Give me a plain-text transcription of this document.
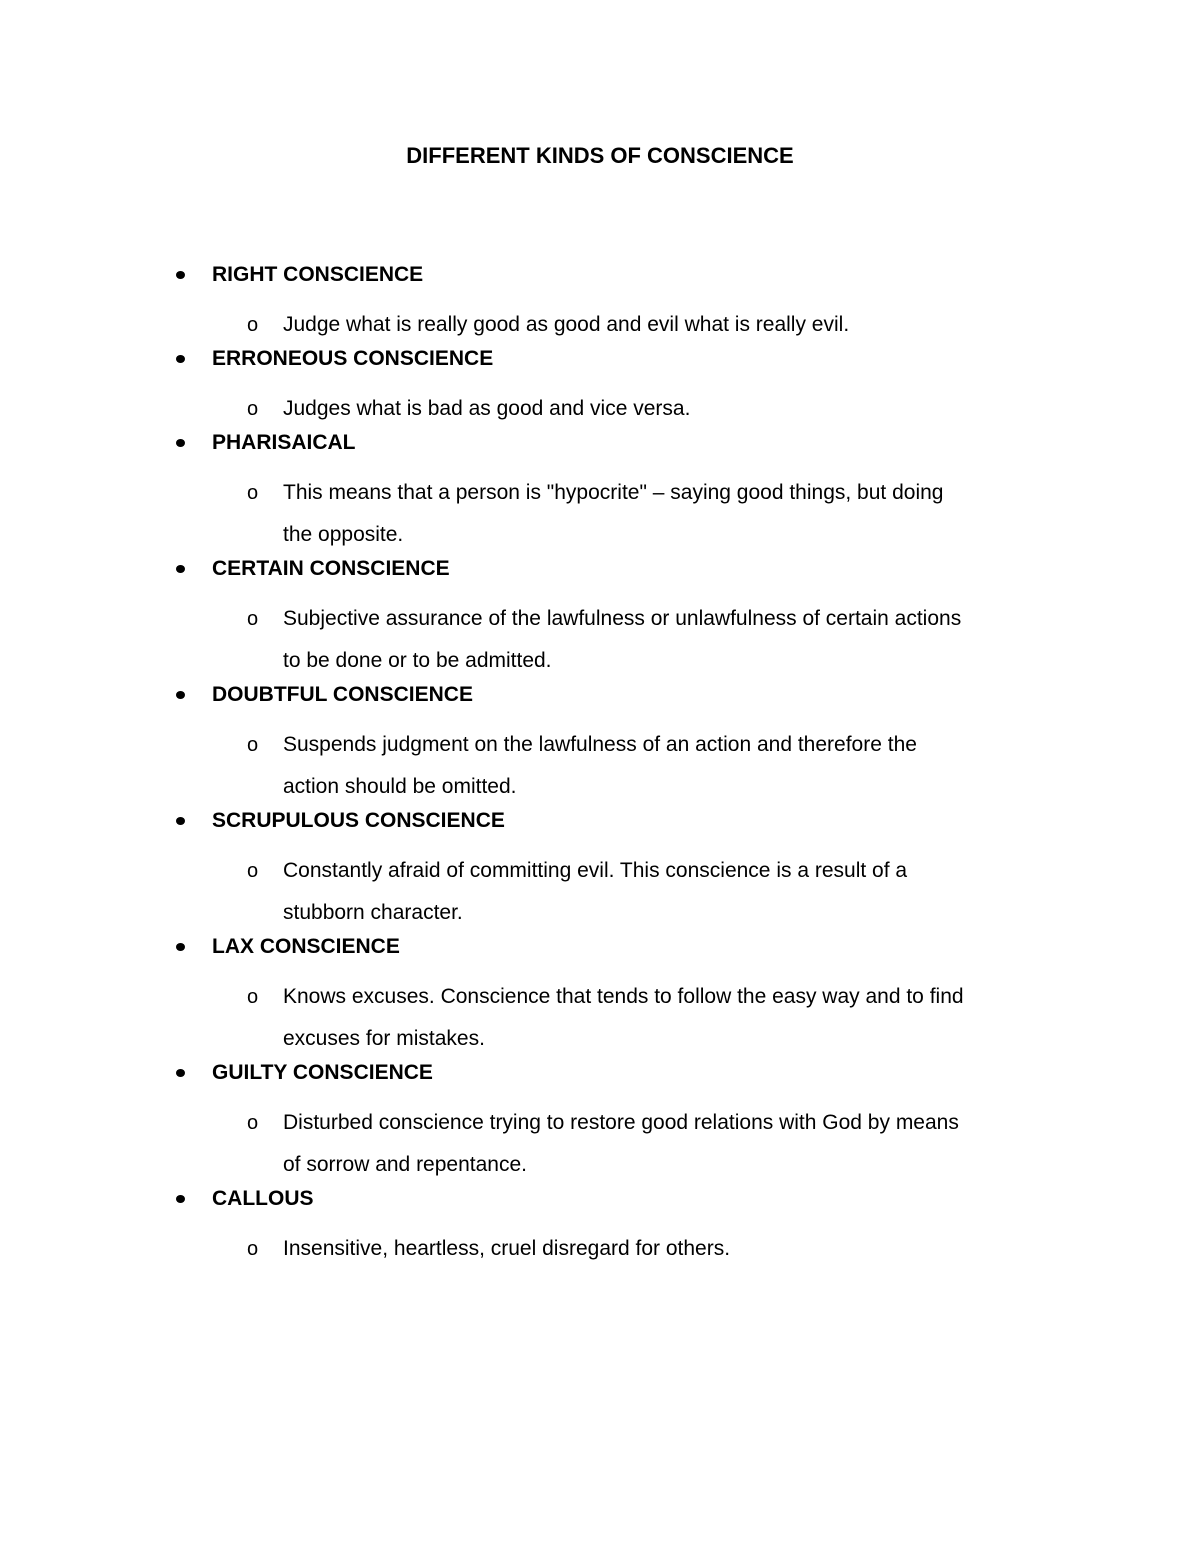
DIFFERENT KINDS OF CONSCIENCE
RIGHT CONSCIENCE
o Judge what is really good as good and evil what is really evil.

ERRONEOUS CONSCIENCE
o Judges what is bad as good and vice versa.

PHARISAICAL
o This means that a person is "hypocrite" – saying good things, but doing
the opposite.

CERTAIN CONSCIENCE
o Subjective assurance of the lawfulness or unlawfulness of certain actions
to be done or to be admitted.

DOUBTFUL CONSCIENCE
o Suspends judgment on the lawfulness of an action and therefore the
action should be omitted.

SCRUPULOUS CONSCIENCE
o Constantly afraid of committing evil. This conscience is a result of a
stubborn character.

LAX CONSCIENCE
o Knows excuses. Conscience that tends to follow the easy way and to find
excuses for mistakes.

GUILTY CONSCIENCE
o Disturbed conscience trying to restore good relations with God by means
of sorrow and repentance.

CALLOUS
o Insensitive, heartless, cruel disregard for others.
